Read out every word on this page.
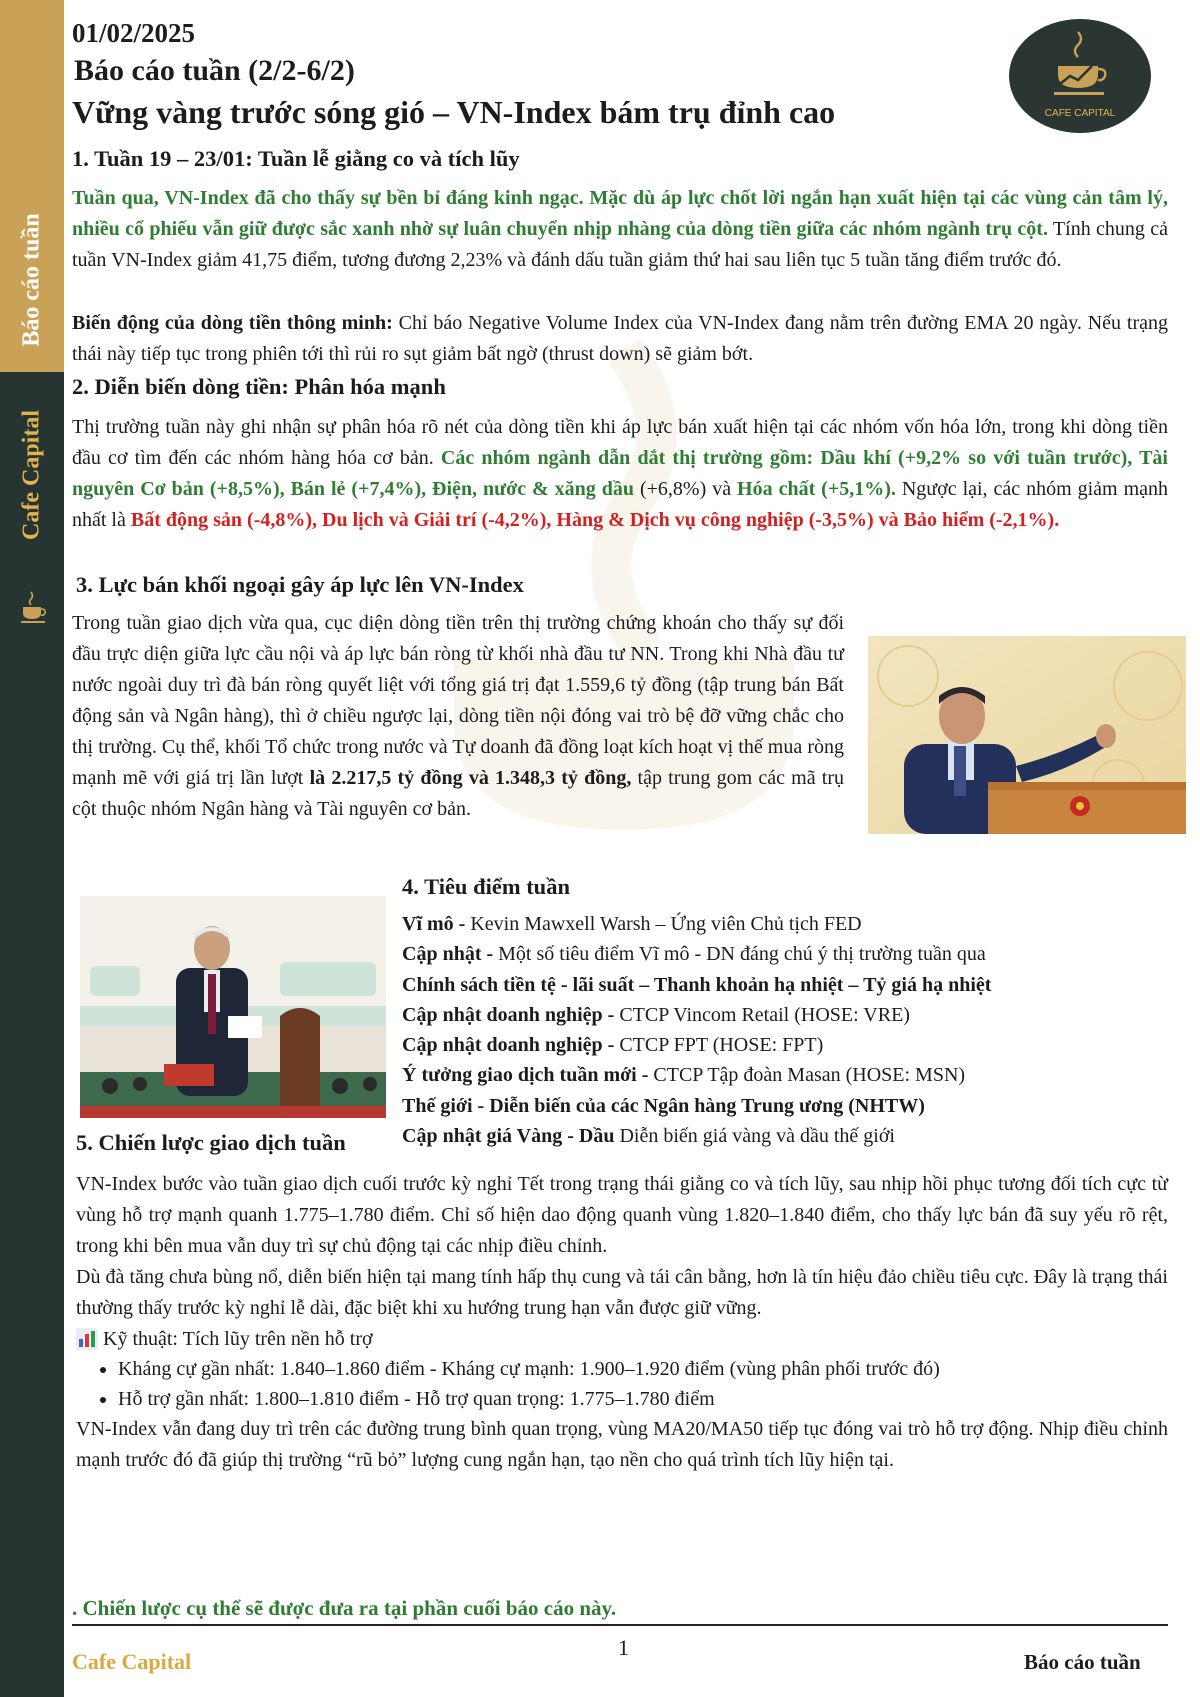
Báo cáo tuần
Cafe Capital
01/02/2025
Báo cáo tuần (2/2-6/2)
Vững vàng trước sóng gió – VN-Index bám trụ đỉnh cao	CAFE CAPITAL
1. Tuần 19 – 23/01: Tuần lễ giằng co và tích lũy
Tuần qua, VN-Index đã cho thấy sự bền bỉ đáng kinh ngạc. Mặc dù áp lực chốt lời ngắn hạn xuất hiện tại các vùng cản tâm lý, nhiều cổ phiếu vẫn giữ được sắc xanh nhờ sự luân chuyển nhịp nhàng của dòng tiền giữa các nhóm ngành trụ cột. Tính chung cả tuần VN-Index giảm 41,75 điểm, tương đương 2,23% và đánh dấu tuần giảm thứ hai sau liên tục 5 tuần tăng điểm trước đó.
Biến động của dòng tiền thông minh: Chỉ báo Negative Volume Index của VN-Index đang nằm trên đường EMA 20 ngày. Nếu trạng thái này tiếp tục trong phiên tới thì rủi ro sụt giảm bất ngờ (thrust down) sẽ giảm bớt.
2. Diễn biến dòng tiền: Phân hóa mạnh
Thị trường tuần này ghi nhận sự phân hóa rõ nét của dòng tiền khi áp lực bán xuất hiện tại các nhóm vốn hóa lớn, trong khi dòng tiền đầu cơ tìm đến các nhóm hàng hóa cơ bản. Các nhóm ngành dẫn dắt thị trường gồm: Dầu khí (+9,2% so với tuần trước), Tài nguyên Cơ bản (+8,5%), Bán lẻ (+7,4%), Điện, nước & xăng dầu (+6,8%) và Hóa chất (+5,1%). Ngược lại, các nhóm giảm mạnh nhất là Bất động sản (-4,8%), Du lịch và Giải trí (-4,2%), Hàng & Dịch vụ công nghiệp (-3,5%) và Bảo hiểm (-2,1%).
3. Lực bán khối ngoại gây áp lực lên VN-Index
Trong tuần giao dịch vừa qua, cục diện dòng tiền trên thị trường chứng khoán cho thấy sự đối đầu trực diện giữa lực cầu nội và áp lực bán ròng từ khối nhà đầu tư NN. Trong khi Nhà đầu tư nước ngoài duy trì đà bán ròng quyết liệt với tổng giá trị đạt 1.559,6 tỷ đồng (tập trung bán Bất động sản và Ngân hàng), thì ở chiều ngược lại, dòng tiền nội đóng vai trò bệ đỡ vững chắc cho thị trường. Cụ thể, khối Tổ chức trong nước và Tự doanh đã đồng loạt kích hoạt vị thế mua ròng mạnh mẽ với giá trị lần lượt là 2.217,5 tỷ đồng và 1.348,3 tỷ đồng, tập trung gom các mã trụ cột thuộc nhóm Ngân hàng và Tài nguyên cơ bản.
4. Tiêu điểm tuần
Vĩ mô - Kevin Mawxell Warsh – Ứng viên Chủ tịch FED
Cập nhật - Một số tiêu điểm Vĩ mô - DN đáng chú ý thị trường tuần qua
Chính sách tiền tệ - lãi suất – Thanh khoản hạ nhiệt – Tỷ giá hạ nhiệt
Cập nhật doanh nghiệp - CTCP Vincom Retail (HOSE: VRE)
Cập nhật doanh nghiệp - CTCP FPT (HOSE: FPT)
Ý tưởng giao dịch tuần mới - CTCP Tập đoàn Masan (HOSE: MSN)
Thế giới - Diễn biến của các Ngân hàng Trung ương (NHTW)
Cập nhật giá Vàng - Dầu Diễn biến giá vàng và dầu thế giới
5. Chiến lược giao dịch tuần
VN-Index bước vào tuần giao dịch cuối trước kỳ nghỉ Tết trong trạng thái giằng co và tích lũy, sau nhịp hồi phục tương đối tích cực từ vùng hỗ trợ mạnh quanh 1.775–1.780 điểm. Chỉ số hiện dao động quanh vùng 1.820–1.840 điểm, cho thấy lực bán đã suy yếu rõ rệt, trong khi bên mua vẫn duy trì sự chủ động tại các nhịp điều chỉnh.
Dù đà tăng chưa bùng nổ, diễn biến hiện tại mang tính hấp thụ cung và tái cân bằng, hơn là tín hiệu đảo chiều tiêu cực. Đây là trạng thái thường thấy trước kỳ nghỉ lễ dài, đặc biệt khi xu hướng trung hạn vẫn được giữ vững.
Kỹ thuật: Tích lũy trên nền hỗ trợ
• Kháng cự gần nhất: 1.840–1.860 điểm - Kháng cự mạnh: 1.900–1.920 điểm (vùng phân phối trước đó)
• Hỗ trợ gần nhất: 1.800–1.810 điểm - Hỗ trợ quan trọng: 1.775–1.780 điểm
VN-Index vẫn đang duy trì trên các đường trung bình quan trọng, vùng MA20/MA50 tiếp tục đóng vai trò hỗ trợ động. Nhịp điều chỉnh mạnh trước đó đã giúp thị trường “rũ bỏ” lượng cung ngắn hạn, tạo nền cho quá trình tích lũy hiện tại.
. Chiến lược cụ thể sẽ được đưa ra tại phần cuối báo cáo này.
Cafe Capital
1
Báo cáo tuần
